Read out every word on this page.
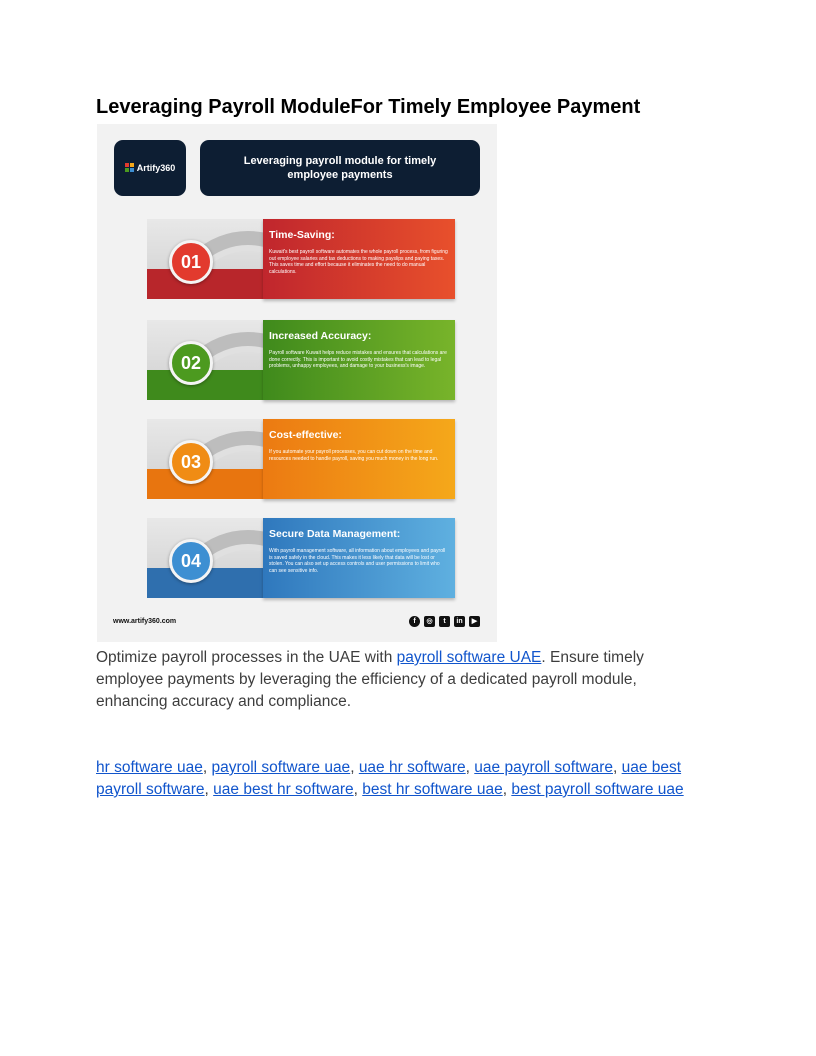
Leveraging Payroll ModuleFor Timely Employee Payment
Artify360
Leveraging payroll module for timely employee payments
01

Time-Saving:

Kuwait's best payroll software automates the whole payroll process, from figuring out employee salaries and tax deductions to making payslips and paying taxes. This saves time and effort because it eliminates the need to do manual calculations.

02

Increased Accuracy:

Payroll software Kuwait helps reduce mistakes and ensures that calculations are done correctly. This is important to avoid costly mistakes that can lead to legal problems, unhappy employees, and damage to your business's image.

03

Cost-effective:

If you automate your payroll processes, you can cut down on the time and resources needed to handle payroll, saving you much money in the long run.

04

Secure Data Management:

With payroll management software, all information about employees and payroll is saved safely in the cloud. This makes it less likely that data will be lost or stolen. You can also set up access controls and user permissions to limit who can see sensitive info.

www.artify360.com	f	◎	t	in	▶

Optimize payroll processes in the UAE with payroll software UAE. Ensure timely employee payments by leveraging the efficiency of a dedicated payroll module, enhancing accuracy and compliance.

hr software uae, payroll software uae, uae hr software, uae payroll software, uae best payroll software, uae best hr software, best hr software uae, best payroll software uae
